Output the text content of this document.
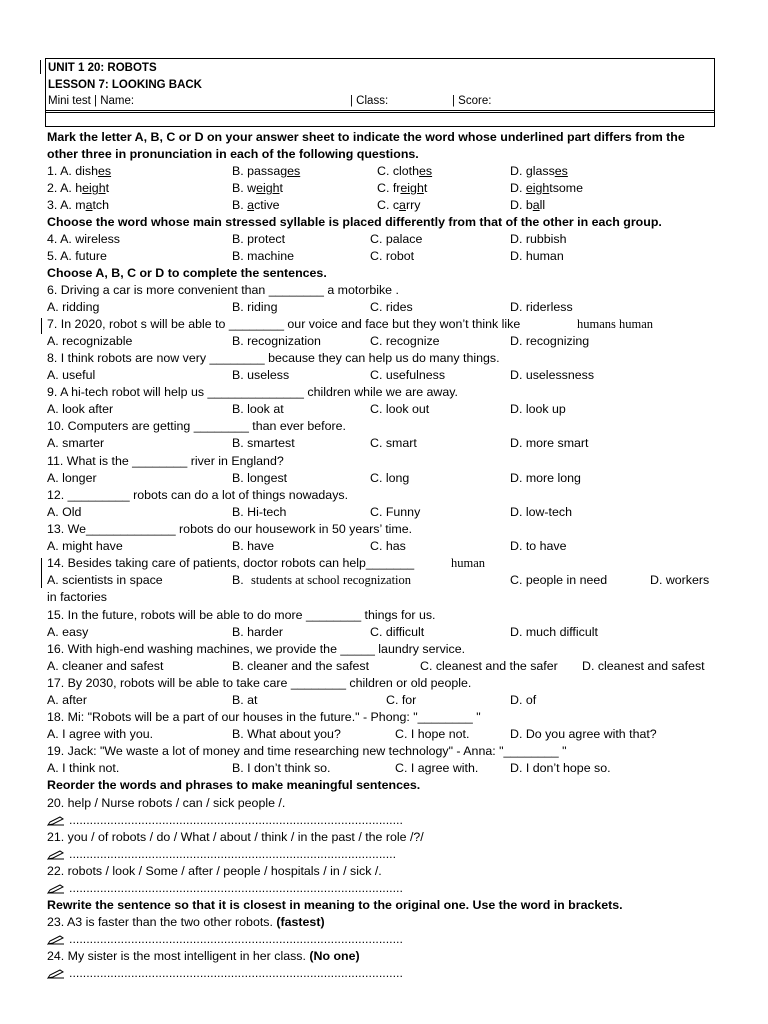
UNIT 1 20: ROBOTS
LESSON 7: LOOKING BACK
Mini test | Name:	| Class:	| Score:
Mark the letter A, B, C or D on your answer sheet to indicate the word whose underlined part differs from the
other three in pronunciation in each of the following questions.
1. A. dishes	B. passages	C. clothes	D. glasses
2. A. height	B. weight	C. freight	D. eightsome
3. A. match	B. active	C. carry	D. ball
Choose the word whose main stressed syllable is placed differently from that of the other in each group.
4. A. wireless	B. protect	C. palace	D. rubbish
5. A. future	B. machine	C. robot	D. human
Choose A, B, C or D to complete the sentences.
6. Driving a car is more convenient than ________ a motorbike .
A. ridding	B. riding	C. rides	D. riderless
7. In 2020, robot s will be able to ________ our voice and face but they won’t think like	humans human
A. recognizable	B. recognization	C. recognize	D. recognizing
8. I think robots are now very ________ because they can help us do many things.
A. useful	B. useless	C. usefulness	D. uselessness
9. A hi-tech robot will help us ______________ children while we are away.
A. look after	B. look at	C. look out	D. look up
10. Computers are getting ________ than ever before.
A. smarter	B. smartest	C. smart	D. more smart
11. What is the ________ river in England?
A. longer	B. longest	C. long	D. more long
12. _________ robots can do a lot of things nowadays.
A. Old	B. Hi-tech	C. Funny	D. low-tech
13. We_____________ robots do our housework in 50 years’ time.
A. might have	B. have	C. has	D. to have
14. Besides taking care of patients, doctor robots can help_______	human
A. scientists in space	B. students at school recognization	C. people in need	D. workers
in factories
15. In the future, robots will be able to do more ________ things for us.
A. easy	B. harder	C. difficult	D. much difficult
16. With high-end washing machines, we provide the _____ laundry service.
A. cleaner and safest	B. cleaner and the safest	C. cleanest and the safer D. cleanest and safest
17. By 2030, robots will be able to take care ________ children or old people.
A. after	B. at	C. for	D. of
18. Mi: "Robots will be a part of our houses in the future." - Phong: "________ "
A. I agree with you.	B. What about you?	C. I hope not.	D. Do you agree with that?
19. Jack: "We waste a lot of money and time researching new technology" - Anna: "________ "
A. I think not.	B. I don’t think so.	C. I agree with.	D. I don’t hope so.
Reorder the words and phrases to make meaningful sentences.
20. help / Nurse robots / can / sick people /.
.................................................................................................
21. you / of robots / do / What / about / think / in the past / the role /?/
...............................................................................................
22. robots / look / Some / after / people / hospitals / in / sick /.
.................................................................................................
Rewrite the sentence so that it is closest in meaning to the original one. Use the word in brackets.
23. A3 is faster than the two other robots. (fastest)
.................................................................................................
24. My sister is the most intelligent in her class. (No one)
.................................................................................................
